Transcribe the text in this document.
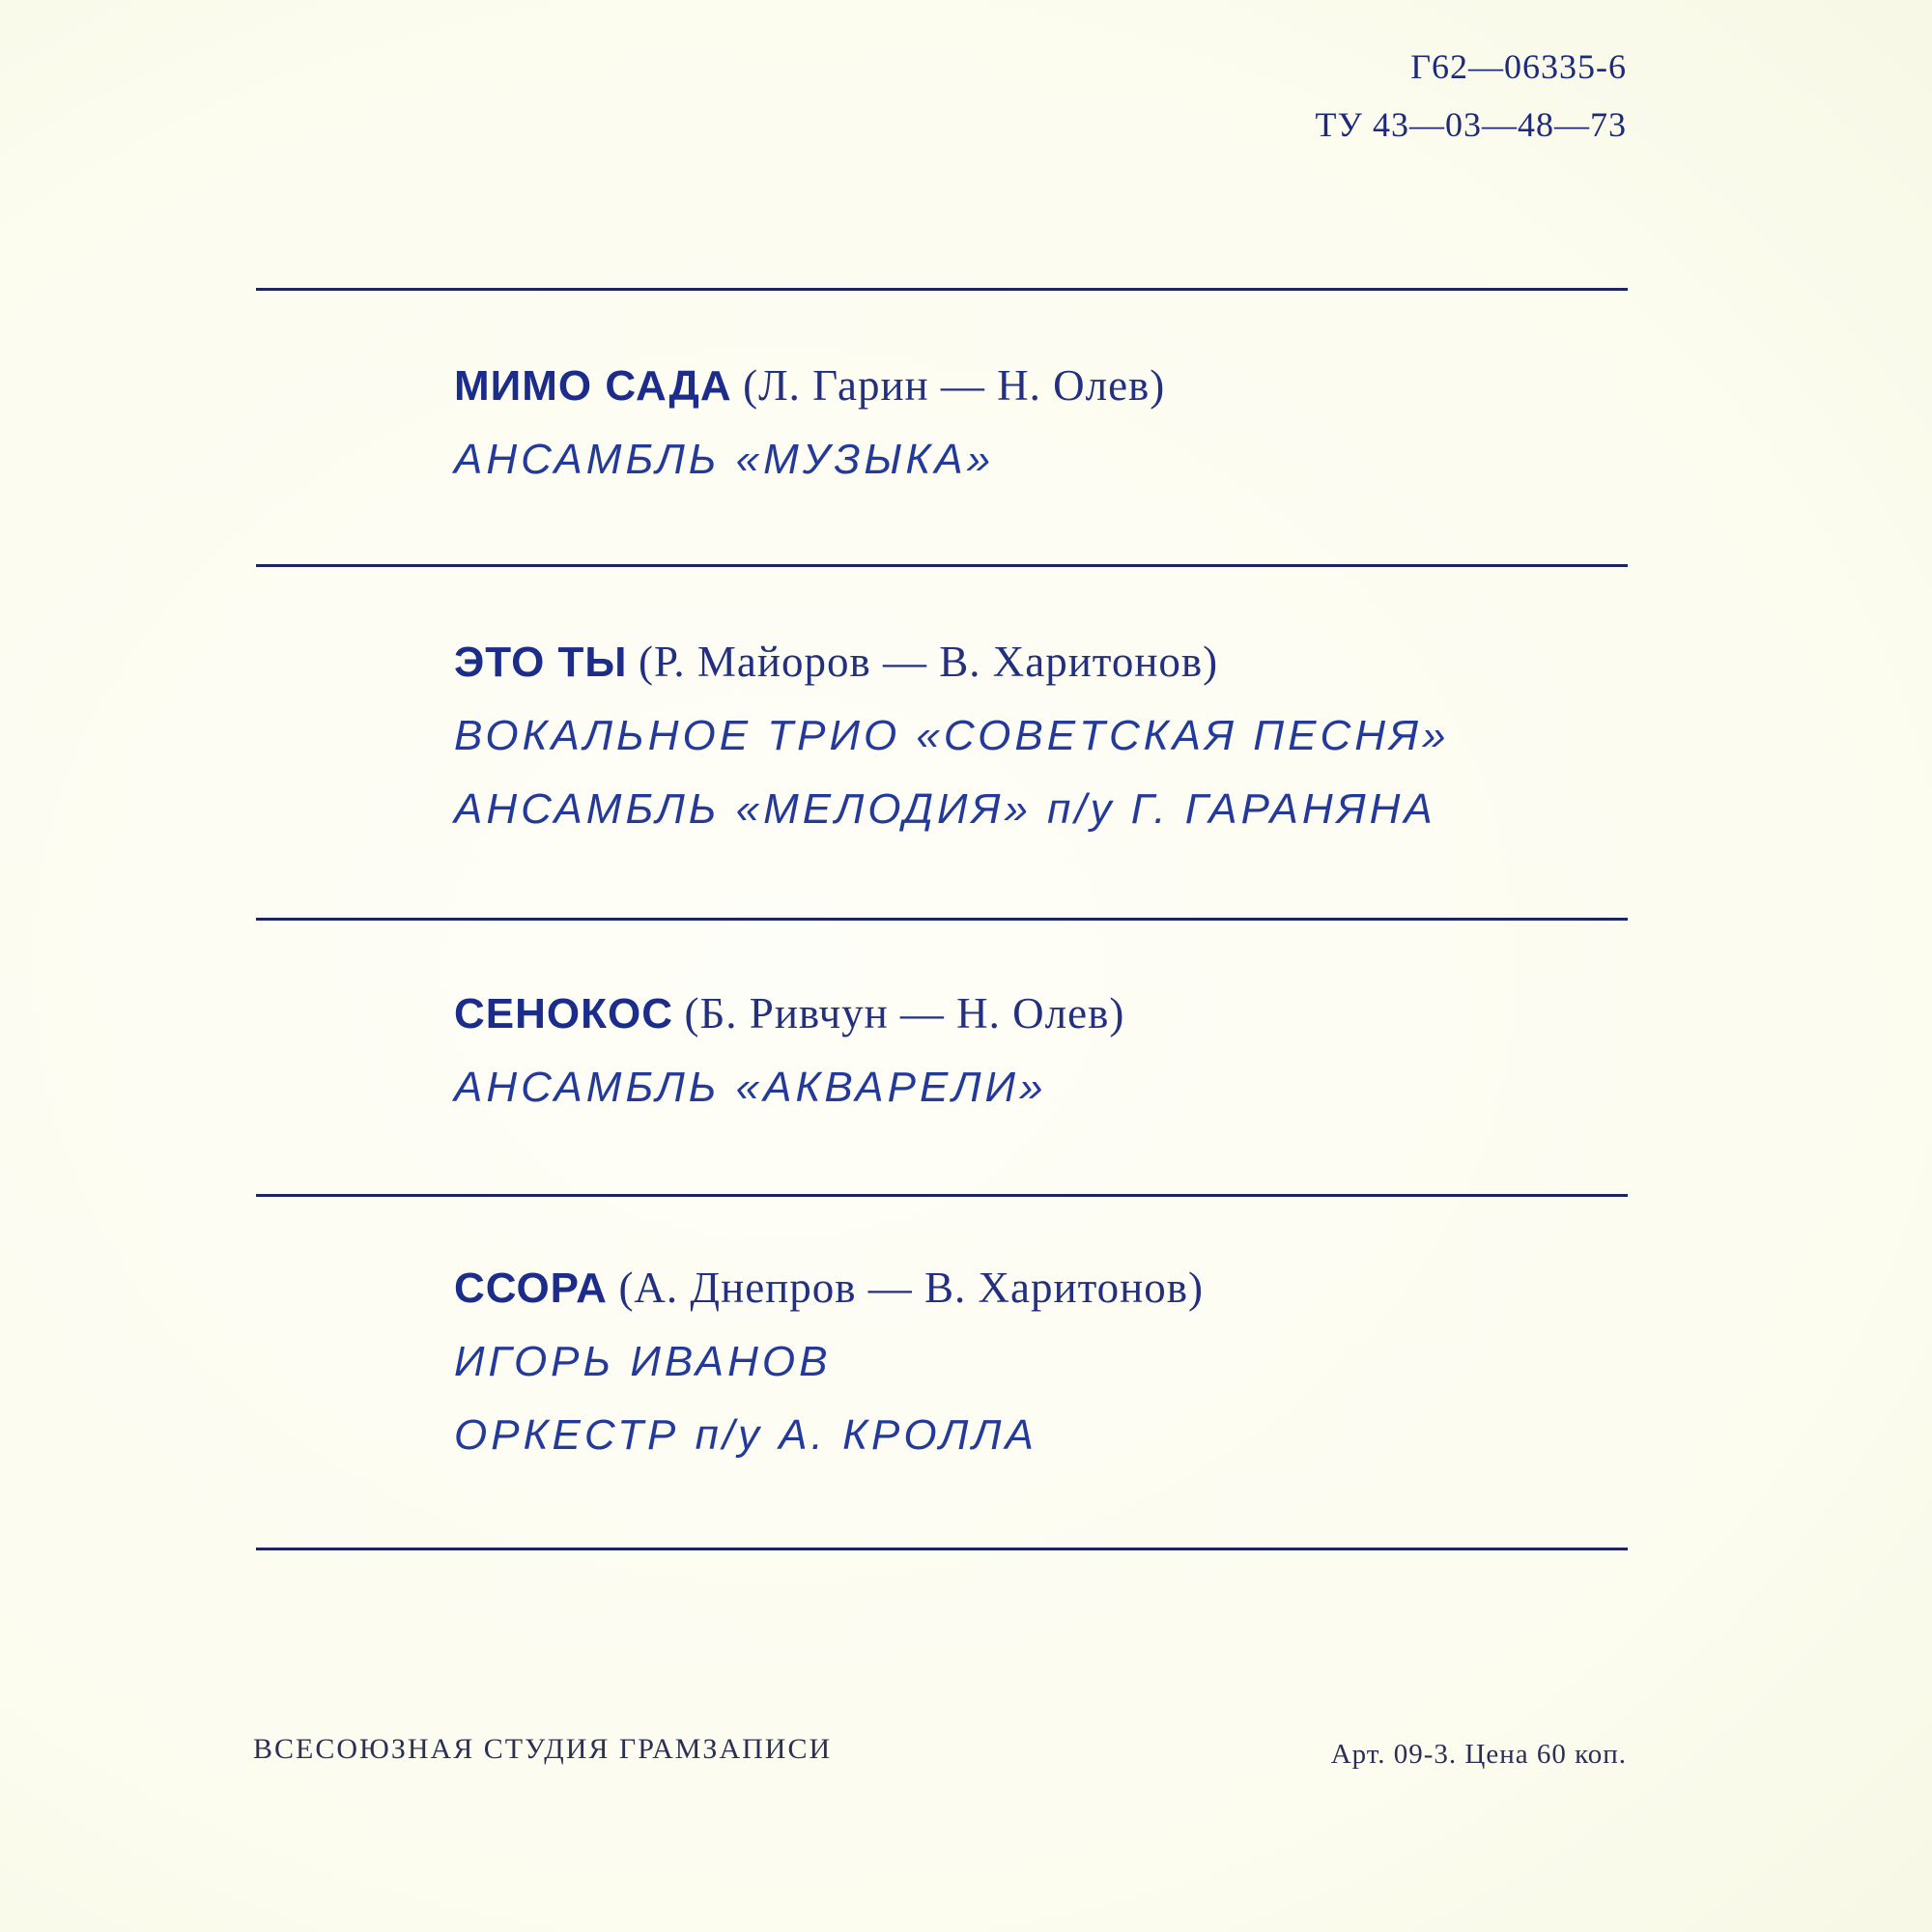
Г62—06335-6
ТУ 43—03—48—73
МИМО САДА (Л. Гарин — Н. Олев)
АНСАМБЛЬ «МУЗЫКА»
ЭТО ТЫ (Р. Майоров — В. Харитонов)
ВОКАЛЬНОЕ ТРИО «СОВЕТСКАЯ ПЕСНЯ»
АНСАМБЛЬ «МЕЛОДИЯ» п/у Г. ГАРАНЯНА
СЕНОКОС (Б. Ривчун — Н. Олев)
АНСАМБЛЬ «АКВАРЕЛИ»
ССОРА (А. Днепров — В. Харитонов)
ИГОРЬ ИВАНОВ
ОРКЕСТР п/у А. КРОЛЛА
ВСЕСОЮЗНАЯ СТУДИЯ ГРАМЗАПИСИ	Арт. 09-3. Цена 60 коп.
